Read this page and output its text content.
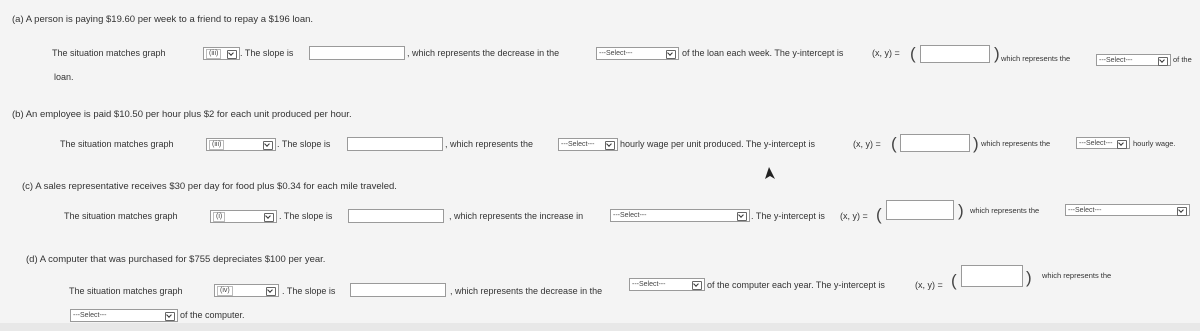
(a) A person is paying $19.60 per week to a friend to repay a $196 loan.
The situation matches graph	(iii)	. The slope is	, which represents the decrease in the	---Select---	of the loan each week. The y-intercept is	(x, y) = (	) which represents the	---Select---	of the
loan.
(b) An employee is paid $10.50 per hour plus $2 for each unit produced per hour.
The situation matches graph	(iii)	. The slope is	, which represents the	---Select---	hourly wage per unit produced. The y-intercept is	(x, y) = (	) which represents the	---Select---	hourly wage.
(c) A sales representative receives $30 per day for food plus $0.34 for each mile traveled.
The situation matches graph	(i)	. The slope is	, which represents the increase in	---Select---	. The y-intercept is (x, y) = (	) which represents the	---Select---
(d) A computer that was purchased for $755 depreciates $100 per year.
The situation matches graph	(iv)	. The slope is	, which represents the decrease in the
---Select---	of the computer each year. The y-intercept is	(x, y) = (	) which represents the
---Select---	of the computer.
